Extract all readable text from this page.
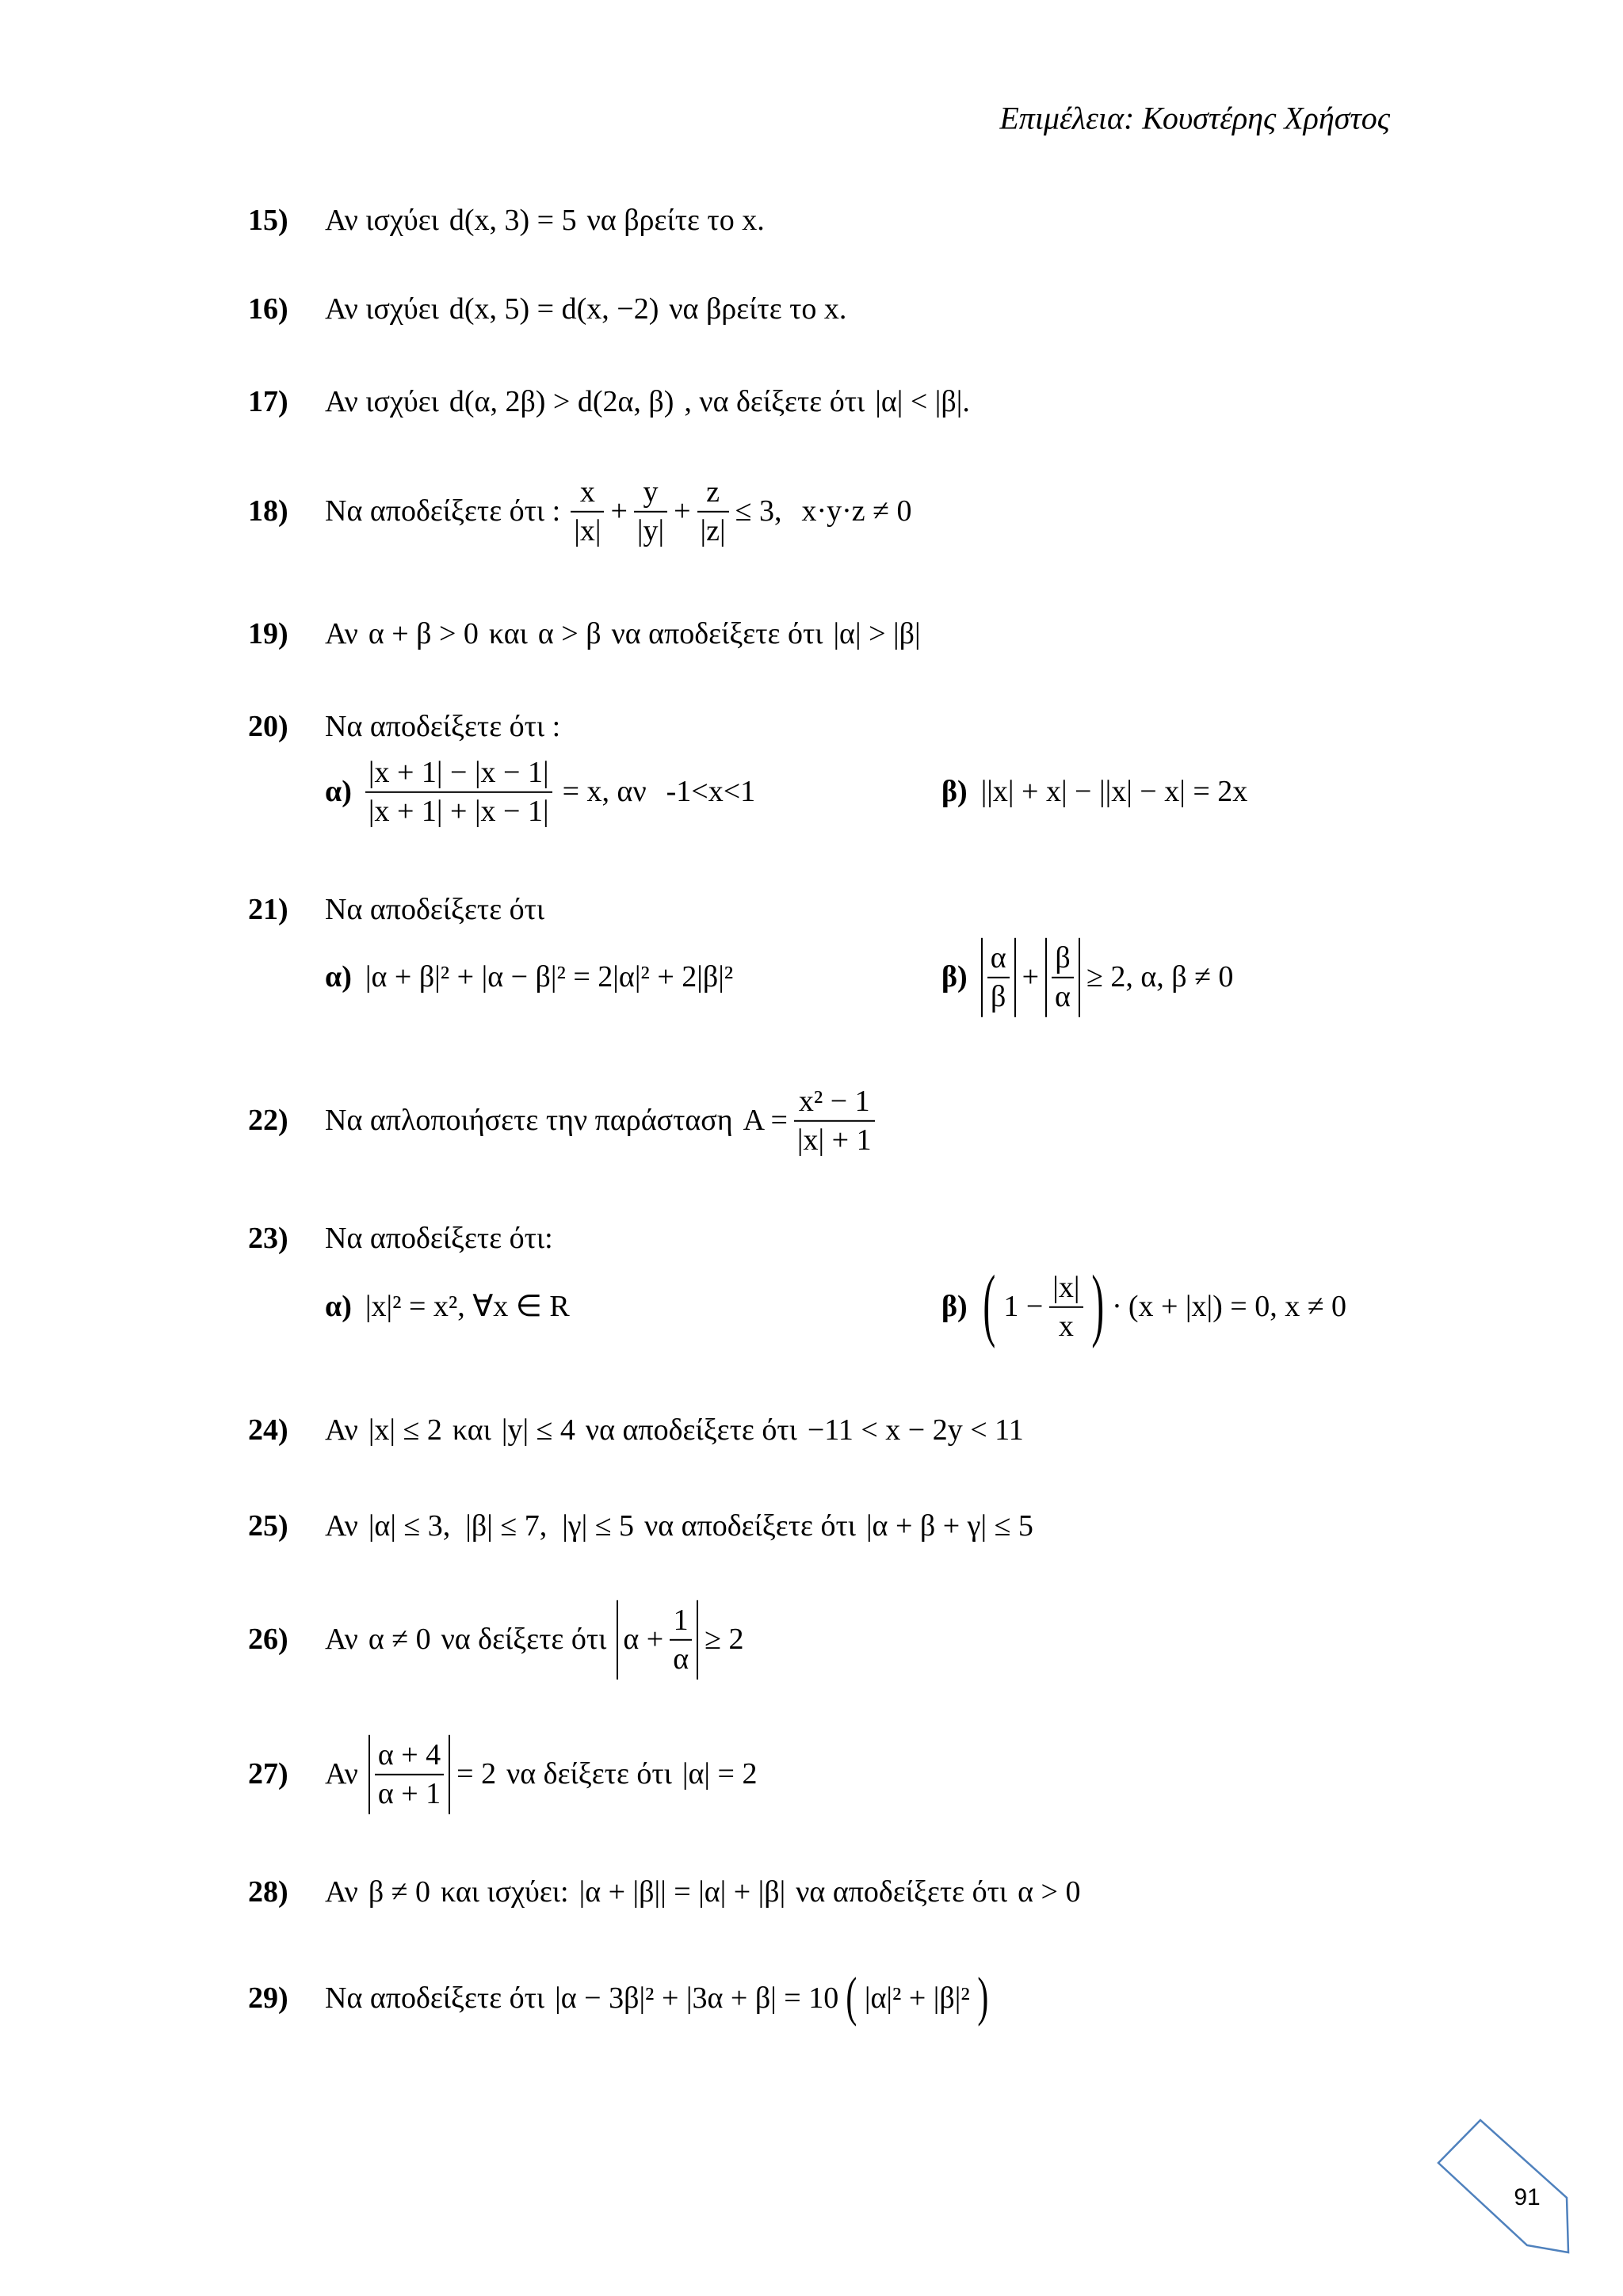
Επιμέλεια: Κουστέρης Χρήστος
15)	Αν ισχύει d(x, 3) = 5 να βρείτε το x.
16)	Αν ισχύει d(x, 5) = d(x, −2) να βρείτε το x.
17)	Αν ισχύει d(α, 2β) > d(2α, β) , να δείξετε ότι |α| < |β|.
18)	Να αποδείξετε ότι : $\frac{x}{|x|} + \frac{y}{|y|} + \frac{z}{|z|} \le 3$, x·y·z ≠ 0
19)	Αν α + β > 0 και α > β να αποδείξετε ότι |α| > |β|
20)	Να αποδείξετε ότι :
$\alpha) \frac{|x + 1| - |x - 1|}{|x + 1| + |x - 1|} = x$, αν -1<x<1	β) ||x| + x| − ||x| − x| = 2x
21)	Να αποδείξετε ότι
α) |α + β|² + |α − β|² = 2|α|² + 2|β|²	$\beta) \frac{\alpha}{\beta} + \frac{\beta}{\alpha} \ge 2$, α, β ≠ 0
22)	Να απλοποιήσετε την παράσταση $A = \frac{\text{x² − 1}}{|x| + 1}$
23)	Να αποδείξετε ότι:
α) |x|² = x², ∀x ∈ R	β) ( $1 - \frac{|x|}{x}$ ) · (x + |x|) = 0, x ≠ 0
24)	Αν |x| ≤ 2 και |y| ≤ 4 να αποδείξετε ότι −11 < x − 2y < 11
25)	Αν |α| ≤ 3,  |β| ≤ 7,  |γ| ≤ 5 να αποδείξετε ότι |α + β + γ| ≤ 5
26)	Αν α ≠ 0 να δείξετε ότι $\alpha + \frac{1}{\alpha} \ge 2$
27)	Αν $\frac{\alpha + 4}{\alpha + 1} = 2$ να δείξετε ότι |α| = 2
28)	Αν β ≠ 0 και ισχύει: |α + |β|| = |α| + |β| να αποδείξετε ότι α > 0
29)	Να αποδείξετε ότι |α − 3β|² + |3α + β| = 10 ( |α|² + |β|² )
91
